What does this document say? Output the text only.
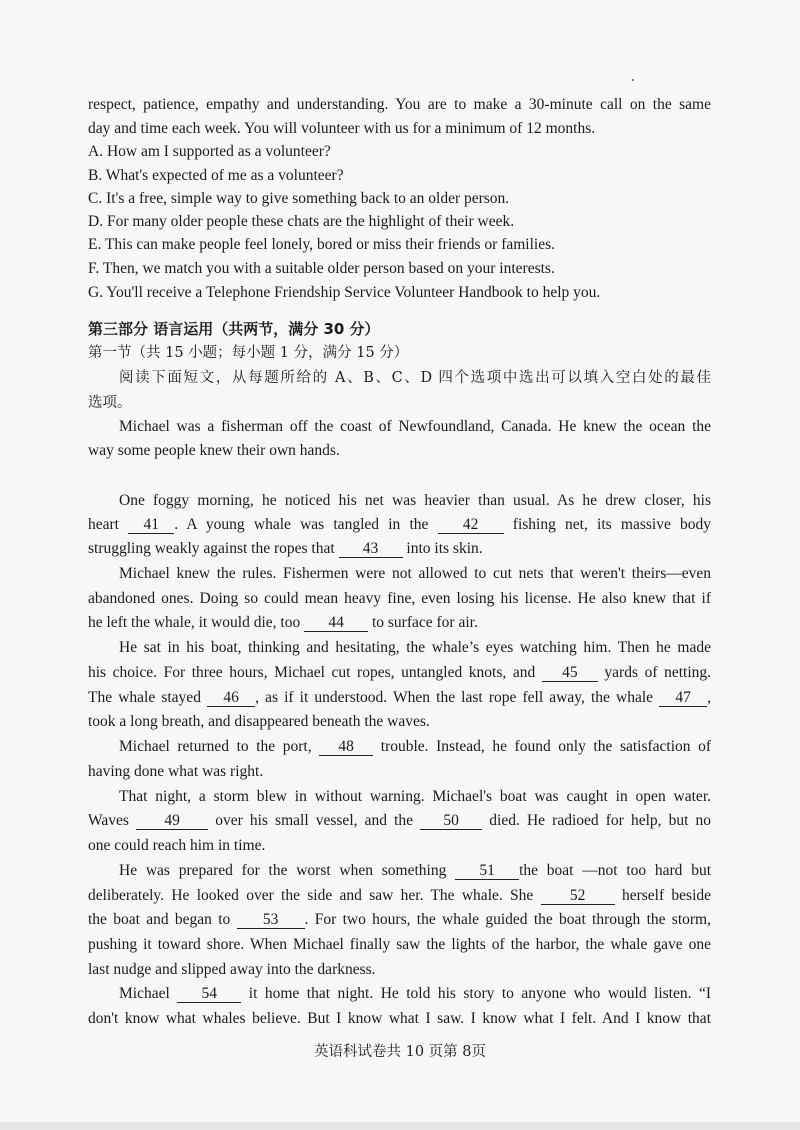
respect, patience, empathy and understanding. You are to make a 30-minute call on the same
day and time each week. You will volunteer with us for a minimum of 12 months.
A. How am I supported as a volunteer?
B. What's expected of me as a volunteer?
C. It's a free, simple way to give something back to an older person.
D. For many older people these chats are the highlight of their week.
E. This can make people feel lonely, bored or miss their friends or families.
F. Then, we match you with a suitable older person based on your interests.
G. You'll receive a Telephone Friendship Service Volunteer Handbook to help you.
第三部分 语言运用（共两节，满分 30 分）
第一节（共 15 小题；每小题 1 分，满分 15 分）
阅读下面短文，从每题所给的 A、B、C、D 四个选项中选出可以填入空白处的最佳
选项。
Michael was a fisherman off the coast of Newfoundland, Canada. He knew the ocean the
way some people knew their own hands.
One foggy morning, he noticed his net was heavier than usual. As he drew closer, his
heart 41 . A young whale was tangled in the 42 fishing net, its massive body
struggling weakly against the ropes that 43 into its skin.
Michael knew the rules. Fishermen were not allowed to cut nets that weren't theirs—even
abandoned ones. Doing so could mean heavy fine, even losing his license. He also knew that if
he left the whale, it would die, too 44 to surface for air.
He sat in his boat, thinking and hesitating, the whale’s eyes watching him. Then he made
his choice. For three hours, Michael cut ropes, untangled knots, and 45 yards of netting.
The whale stayed 46 , as if it understood. When the last rope fell away, the whale 47 ,
took a long breath, and disappeared beneath the waves.
Michael returned to the port, 48 trouble. Instead, he found only the satisfaction of
having done what was right.
That night, a storm blew in without warning. Michael's boat was caught in open water.
Waves 49 over his small vessel, and the 50 died. He radioed for help, but no
one could reach him in time.
He was prepared for the worst when something 51 the boat —not too hard but
deliberately. He looked over the side and saw her. The whale. She 52 herself beside
the boat and began to 53 . For two hours, the whale guided the boat through the storm,
pushing it toward shore. When Michael finally saw the lights of the harbor, the whale gave one
last nudge and slipped away into the darkness.
Michael 54 it home that night. He told his story to anyone who would listen. “I
don't know what whales believe. But I know what I saw. I know what I felt. And I know that
英语科试卷共 10 页第 8页
